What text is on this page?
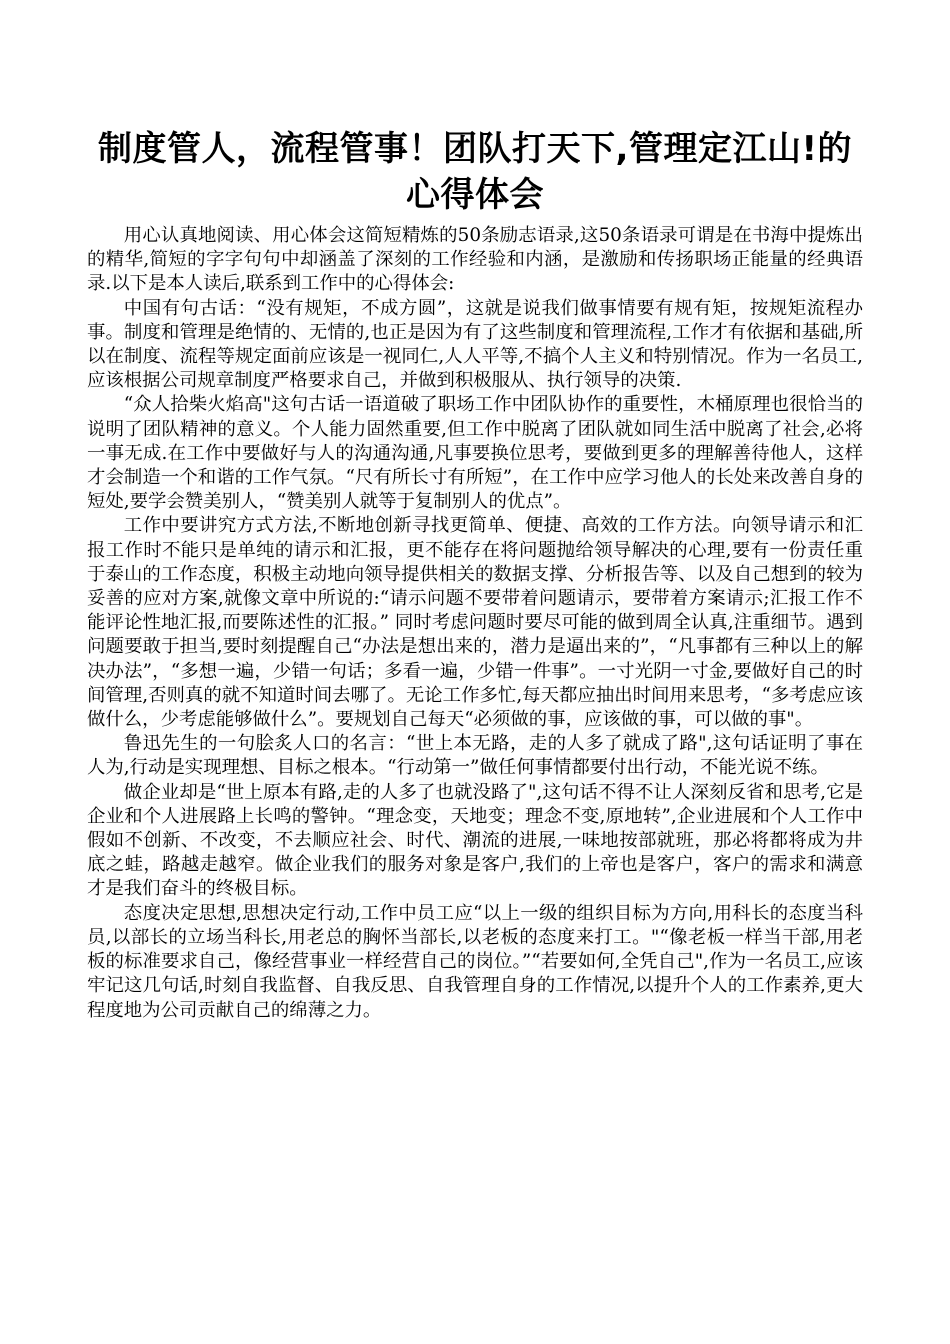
制度管人，流程管事！团队打天下,管理定江山!的
心得体会

用心认真地阅读、用心体会这简短精炼的50条励志语录,这50条语录可谓是在书海中提炼出的精华,简短的字字句句中却涵盖了深刻的工作经验和内涵，是激励和传扬职场正能量的经典语录.以下是本人读后,联系到工作中的心得体会:

中国有句古话：“没有规矩，不成方圆”，这就是说我们做事情要有规有矩，按规矩流程办事。制度和管理是绝情的、无情的,也正是因为有了这些制度和管理流程,工作才有依据和基础,所以在制度、流程等规定面前应该是一视同仁,人人平等,不搞个人主义和特别情况。作为一名员工,应该根据公司规章制度严格要求自己，并做到积极服从、执行领导的决策.

“众人拾柴火焰高"这句古话一语道破了职场工作中团队协作的重要性，木桶原理也很恰当的说明了团队精神的意义。个人能力固然重要,但工作中脱离了团队就如同生活中脱离了社会,必将一事无成.在工作中要做好与人的沟通沟通,凡事要换位思考，要做到更多的理解善待他人，这样才会制造一个和谐的工作气氛。“尺有所长寸有所短”，在工作中应学习他人的长处来改善自身的短处,要学会赞美别人，“赞美别人就等于复制别人的优点”。

工作中要讲究方式方法,不断地创新寻找更简单、便捷、高效的工作方法。向领导请示和汇报工作时不能只是单纯的请示和汇报，更不能存在将问题抛给领导解决的心理,要有一份责任重于泰山的工作态度，积极主动地向领导提供相关的数据支撑、分析报告等、以及自己想到的较为妥善的应对方案,就像文章中所说的:“请示问题不要带着问题请示，要带着方案请示;汇报工作不能评论性地汇报,而要陈述性的汇报。” 同时考虑问题时要尽可能的做到周全认真,注重细节。遇到问题要敢于担当,要时刻提醒自己“办法是想出来的，潜力是逼出来的”，“凡事都有三种以上的解决办法”，“多想一遍，少错一句话；多看一遍，少错一件事”。一寸光阴一寸金,要做好自己的时间管理,否则真的就不知道时间去哪了。无论工作多忙,每天都应抽出时间用来思考，“多考虑应该做什么，少考虑能够做什么”。要规划自己每天“必须做的事，应该做的事，可以做的事"。

鲁迅先生的一句脍炙人口的名言：“世上本无路，走的人多了就成了路",这句话证明了事在人为,行动是实现理想、目标之根本。“行动第一”做任何事情都要付出行动，不能光说不练。

做企业却是“世上原本有路,走的人多了也就没路了",这句话不得不让人深刻反省和思考,它是企业和个人进展路上长鸣的警钟。“理念变，天地变；理念不变,原地转”,企业进展和个人工作中假如不创新、不改变，不去顺应社会、时代、潮流的进展,一味地按部就班，那必将都将成为井底之蛙，路越走越窄。做企业我们的服务对象是客户,我们的上帝也是客户，客户的需求和满意才是我们奋斗的终极目标。

态度决定思想,思想决定行动,工作中员工应“以上一级的组织目标为方向,用科长的态度当科员,以部长的立场当科长,用老总的胸怀当部长,以老板的态度来打工。"“像老板一样当干部,用老板的标准要求自己，像经营事业一样经营自己的岗位。”“若要如何,全凭自己",作为一名员工,应该牢记这几句话,时刻自我监督、自我反思、自我管理自身的工作情况,以提升个人的工作素养,更大程度地为公司贡献自己的绵薄之力。
